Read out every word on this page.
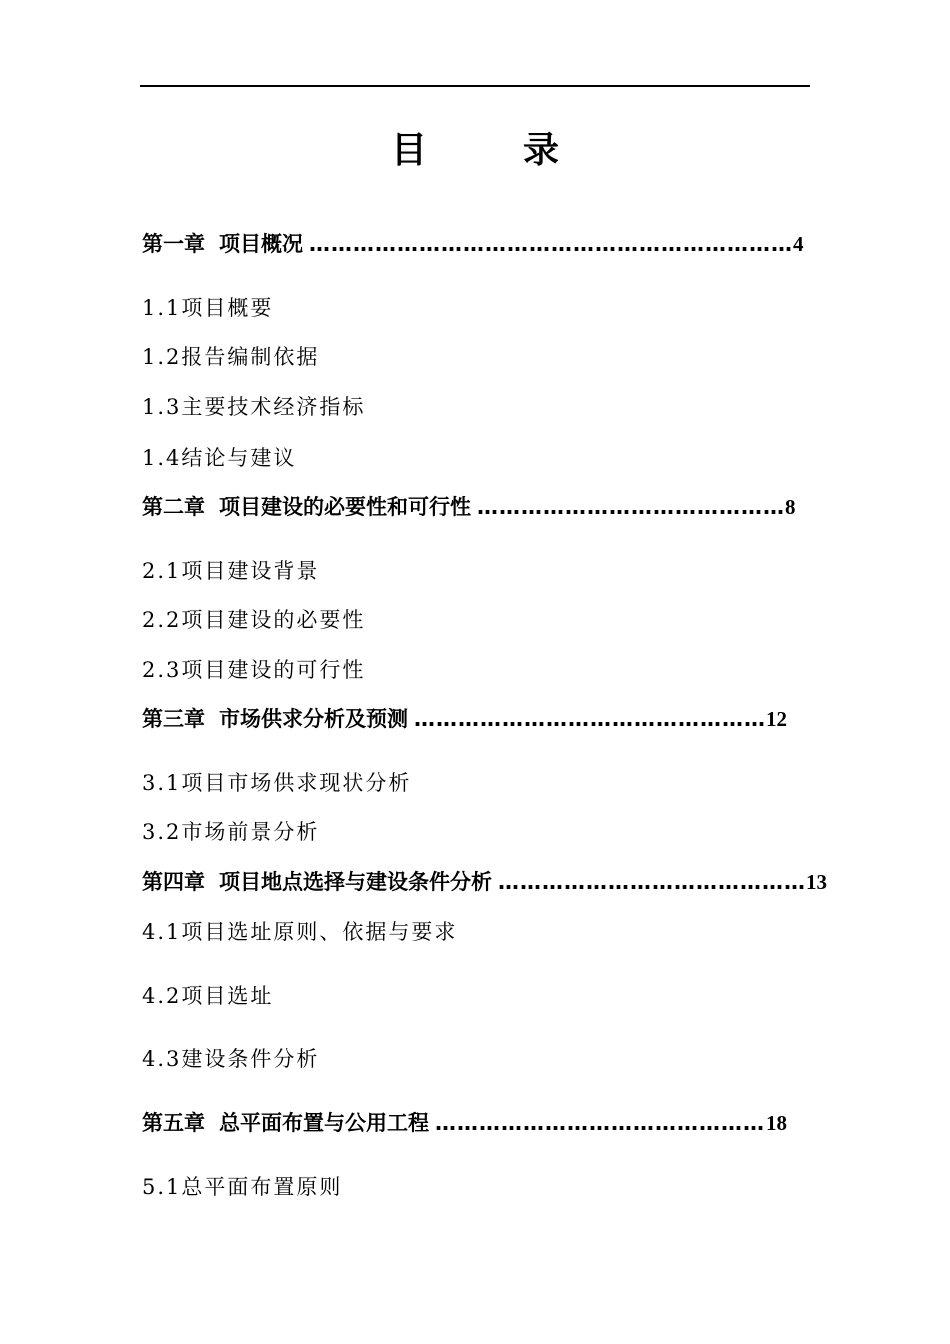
目　录
第一章 项目概况 ………………………………………………………… 4
1.1项目概要
1.2报告编制依据
1.3主要技术经济指标
1.4结论与建议
第二章 项目建设的必要性和可行性 …………………………………… 8
2.1项目建设背景
2.2项目建设的必要性
2.3项目建设的可行性
第三章 市场供求分析及预测 ………………………………………… 12
3.1项目市场供求现状分析
3.2市场前景分析
第四章 项目地点选择与建设条件分析 …………………………………… 13
4.1项目选址原则、依据与要求
4.2项目选址
4.3建设条件分析
第五章 总平面布置与公用工程 ……………………………………… 18
5.1总平面布置原则
